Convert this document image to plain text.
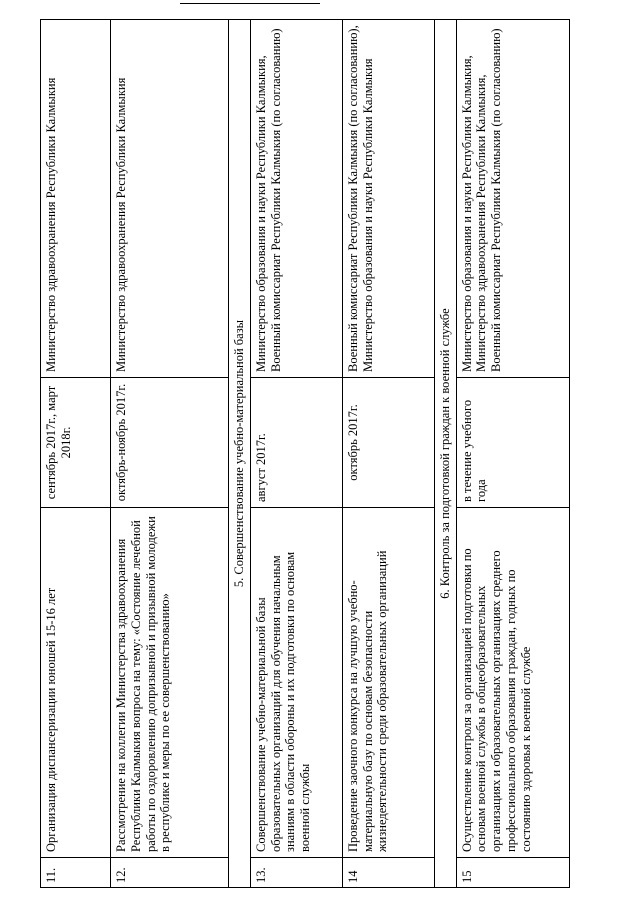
11.	Организация диспансеризации юношей 15-16 лет	сентябрь 2017г., март 2018г.	Министерство здравоохранения Республики Калмыкия
12.	Рассмотрение на коллегии Министерства здравоохранения Республики Калмыкия вопроса на тему: «Состояние лечебной работы по оздоровлению допризывной и призывной молодежи в республике и меры по ее совершенствованию»	октябрь-ноябрь 2017г.	Министерство здравоохранения Республики Калмыкия
5. Совершенствование учебно-материальной базы			
13.	Совершенствование учебно-материальной базы образовательных организаций для обучения начальным знаниям в области обороны и их подготовки по основам военной службы	август 2017г.	Министерство образования и науки Республики Калмыкия, Военный комиссариат Республики Калмыкия (по согласованию)
14	Проведение заочного конкурса на лучшую учебно-материальную базу по основам безопасности жизнедеятельности среди образовательных организаций	октябрь 2017г.	Военный комиссариат Республики Калмыкия (по согласованию), Министерство образования и науки Республики Калмыкия
6. Контроль за подготовкой граждан к военной службе			
15	Осуществление контроля за организацией подготовки по основам военной службы в общеобразовательных организациях и образовательных организациях среднего профессионального образования граждан, годных по состоянию здоровья к военной службе	в течение учебного года	Министерство образования и науки Республики Калмыкия, Министерство здравоохранения Республики Калмыкия, Военный комиссариат Республики Калмыкия (по согласованию)
